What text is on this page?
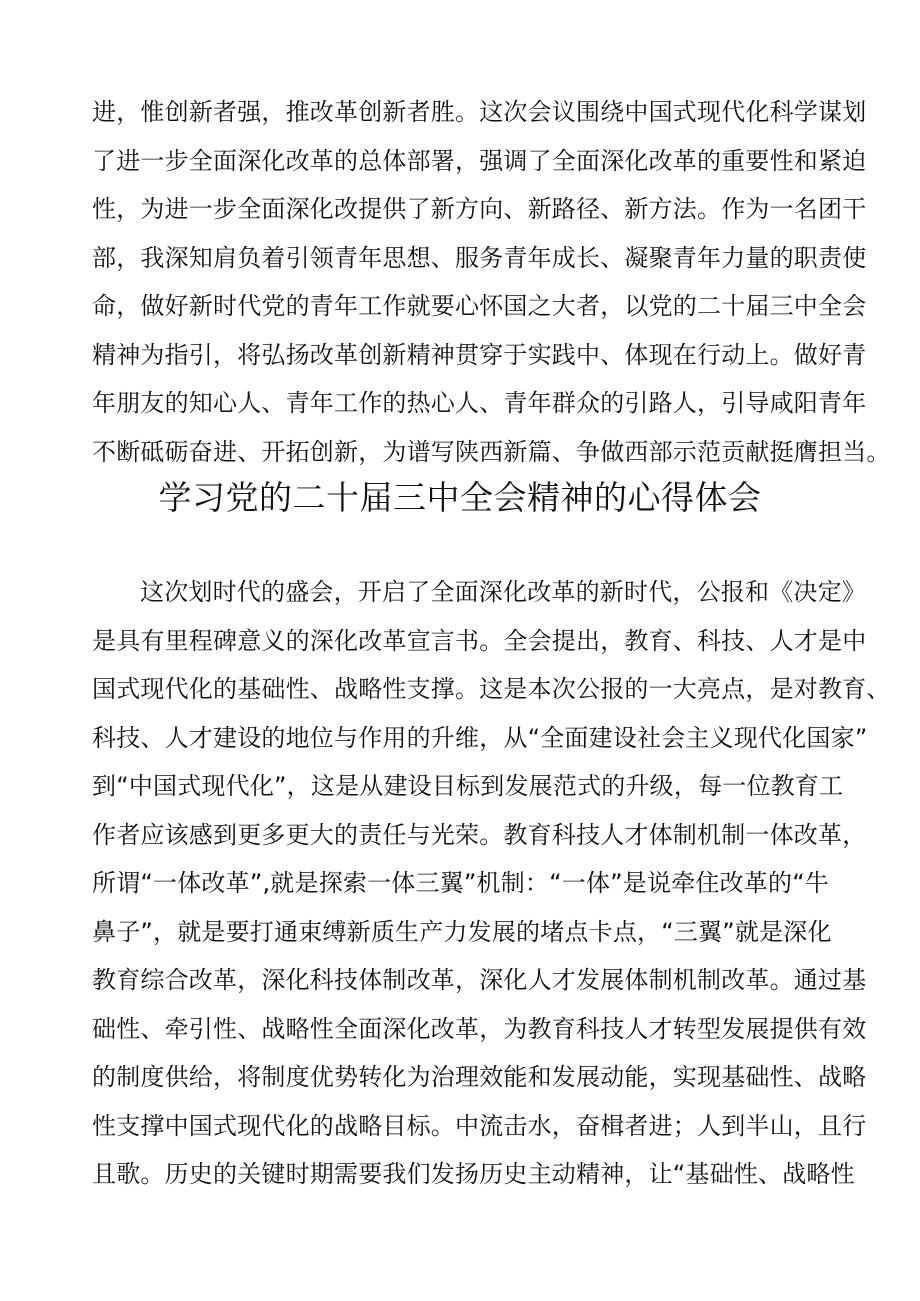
进，惟创新者强，推改革创新者胜。这次会议围绕中国式现代化科学谋划
了进一步全面深化改革的总体部署，强调了全面深化改革的重要性和紧迫
性，为进一步全面深化改提供了新方向、新路径、新方法。作为一名团干
部，我深知肩负着引领青年思想、服务青年成长、凝聚青年力量的职责使
命，做好新时代党的青年工作就要心怀国之大者，以党的二十届三中全会
精神为指引，将弘扬改革创新精神贯穿于实践中、体现在行动上。做好青
年朋友的知心人、青年工作的热心人、青年群众的引路人，引导咸阳青年
不断砥砺奋进、开拓创新，为谱写陕西新篇、争做西部示范贡献挺膺担当。
学习党的二十届三中全会精神的心得体会
这次划时代的盛会，开启了全面深化改革的新时代，公报和《决定》
是具有里程碑意义的深化改革宣言书。全会提出，教育、科技、人才是中
国式现代化的基础性、战略性支撑。这是本次公报的一大亮点，是对教育、
科技、人才建设的地位与作用的升维，从“全面建设社会主义现代化国家”
到“中国式现代化”，这是从建设目标到发展范式的升级，每一位教育工
作者应该感到更多更大的责任与光荣。教育科技人才体制机制一体改革，
所谓“一体改革”,就是探索一体三翼”机制：“一体”是说牵住改革的“牛
鼻子”，就是要打通束缚新质生产力发展的堵点卡点，“三翼”就是深化
教育综合改革，深化科技体制改革，深化人才发展体制机制改革。通过基
础性、牵引性、战略性全面深化改革，为教育科技人才转型发展提供有效
的制度供给，将制度优势转化为治理效能和发展动能，实现基础性、战略
性支撑中国式现代化的战略目标。中流击水，奋楫者进；人到半山，且行
且歌。历史的关键时期需要我们发扬历史主动精神，让“基础性、战略性
